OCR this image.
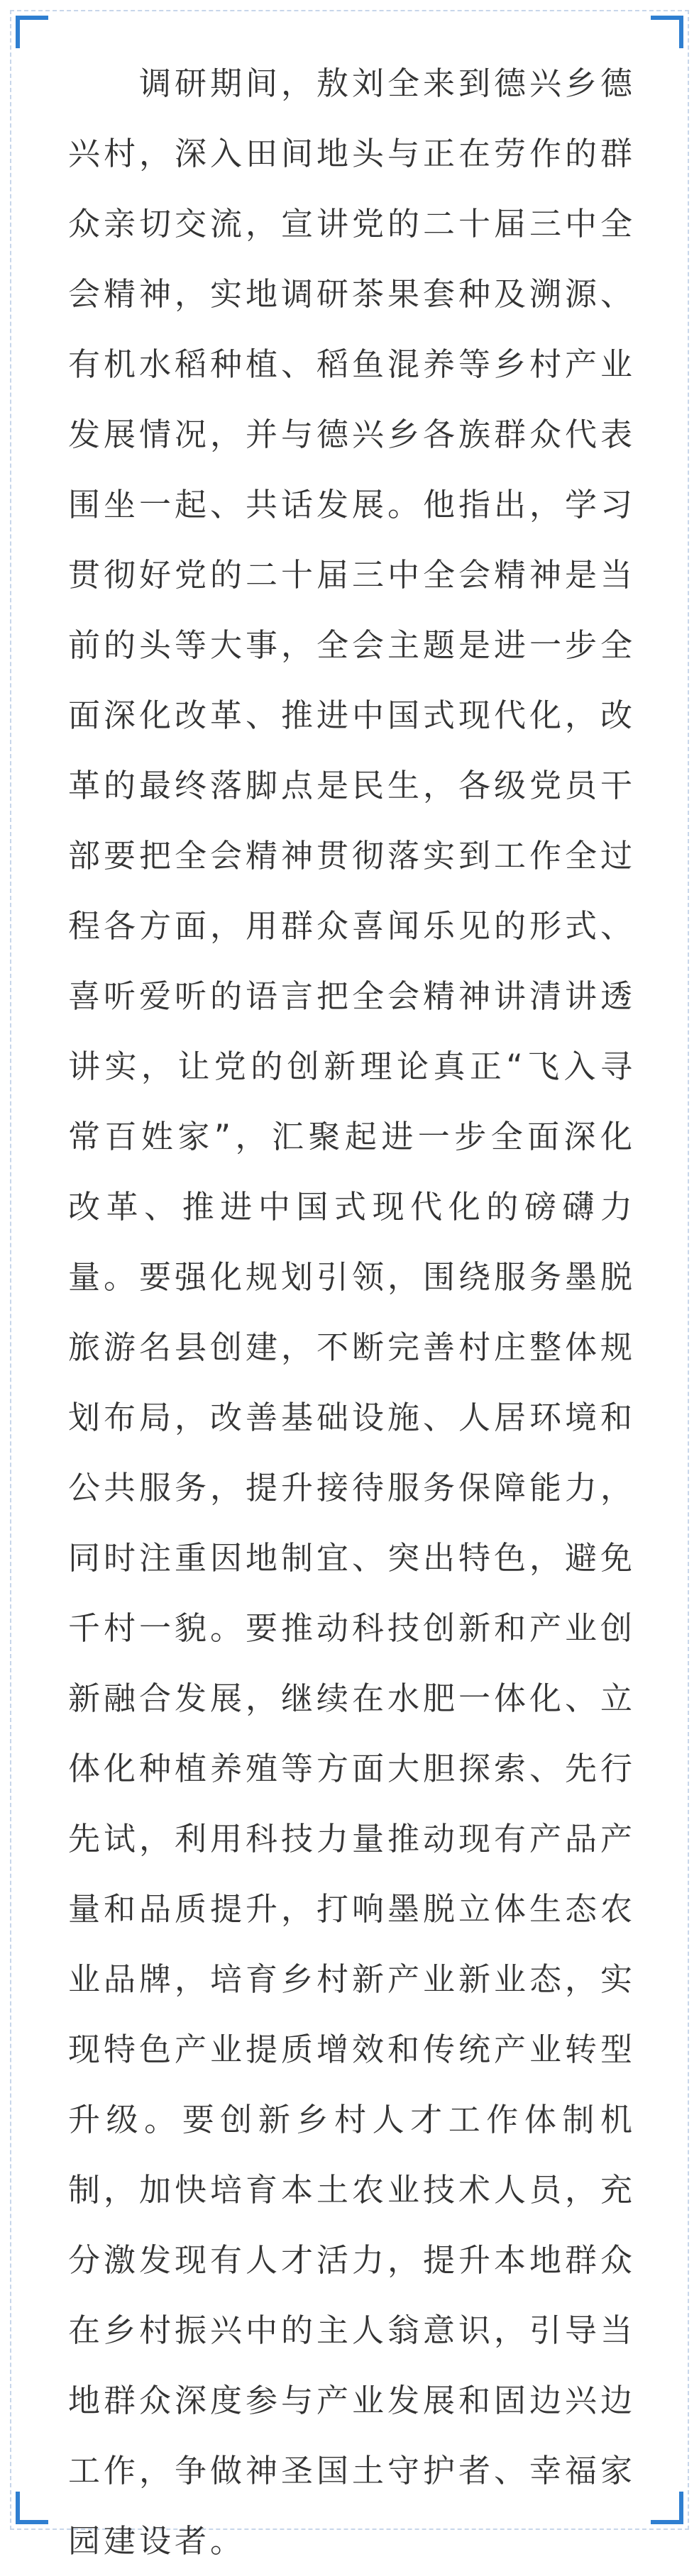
调研期间，敖刘全来到德兴乡德兴村，深入田间地头与正在劳作的群众亲切交流，宣讲党的二十届三中全会精神，实地调研茶果套种及溯源、有机水稻种植、稻鱼混养等乡村产业发展情况，并与德兴乡各族群众代表围坐一起、共话发展。他指出，学习贯彻好党的二十届三中全会精神是当前的头等大事，全会主题是进一步全面深化改革、推进中国式现代化，改革的最终落脚点是民生，各级党员干部要把全会精神贯彻落实到工作全过程各方面，用群众喜闻乐见的形式、喜听爱听的语言把全会精神讲清讲透讲实，让党的创新理论真正“飞入寻常百姓家”，汇聚起进一步全面深化改革、推进中国式现代化的磅礴力量。要强化规划引领，围绕服务墨脱旅游名县创建，不断完善村庄整体规划布局，改善基础设施、人居环境和公共服务，提升接待服务保障能力，同时注重因地制宜、突出特色，避免千村一貌。要推动科技创新和产业创新融合发展，继续在水肥一体化、立体化种植养殖等方面大胆探索、先行先试，利用科技力量推动现有产品产量和品质提升，打响墨脱立体生态农业品牌，培育乡村新产业新业态，实现特色产业提质增效和传统产业转型升级。要创新乡村人才工作体制机制，加快培育本土农业技术人员，充分激发现有人才活力，提升本地群众在乡村振兴中的主人翁意识，引导当地群众深度参与产业发展和固边兴边工作，争做神圣国土守护者、幸福家园建设者。
